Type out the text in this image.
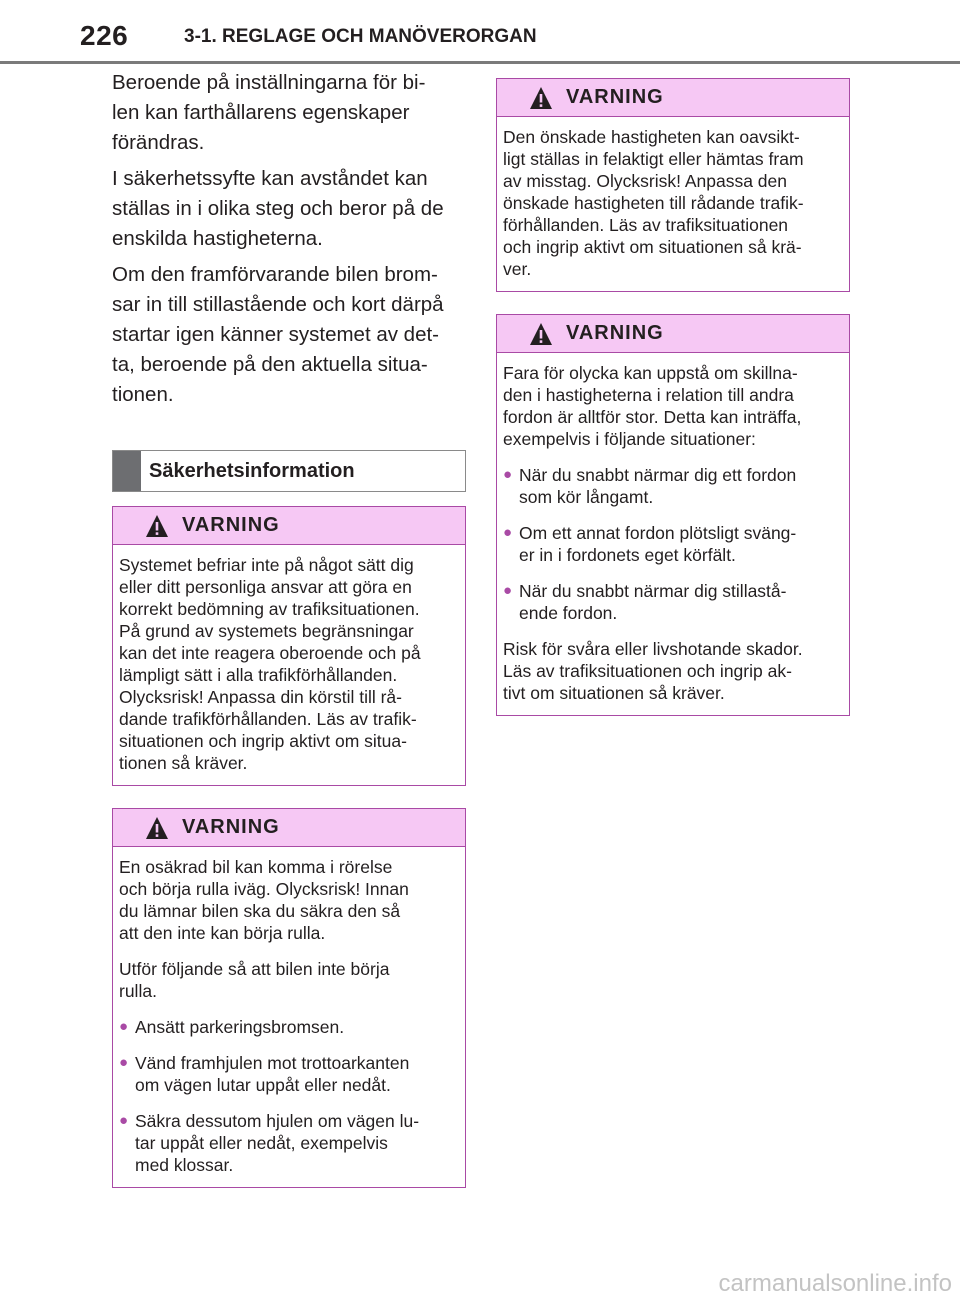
226	3-1. REGLAGE OCH MANÖVERORGAN

Beroende på inställningarna för bi-
len kan farthållarens egenskaper
förändras.

I säkerhetssyfte kan avståndet kan
ställas in i olika steg och beror på de
enskilda hastigheterna.

Om den framförvarande bilen brom-
sar in till stillastående och kort därpå
startar igen känner systemet av det-
ta, beroende på den aktuella situa-
tionen.

Säkerhetsinformation
VARNING

Systemet befriar inte på något sätt dig
eller ditt personliga ansvar att göra en
korrekt bedömning av trafiksituationen.
På grund av systemets begränsningar
kan det inte reagera oberoende och på
lämpligt sätt i alla trafikförhållanden.
Olycksrisk! Anpassa din körstil till rå-
dande trafikförhållanden. Läs av trafik-
situationen och ingrip aktivt om situa-
tionen så kräver.

VARNING

En osäkrad bil kan komma i rörelse
och börja rulla iväg. Olycksrisk! Innan
du lämnar bilen ska du säkra den så
att den inte kan börja rulla.

Utför följande så att bilen inte börja
rulla.

● Ansätt parkeringsbromsen.
● Vänd framhjulen mot trottoarkanten
om vägen lutar uppåt eller nedåt.
● Säkra dessutom hjulen om vägen lu-
tar uppåt eller nedåt, exempelvis
med klossar.
VARNING

Den önskade hastigheten kan oavsikt-
ligt ställas in felaktigt eller hämtas fram
av misstag. Olycksrisk! Anpassa den
önskade hastigheten till rådande trafik-
förhållanden. Läs av trafiksituationen
och ingrip aktivt om situationen så krä-
ver.

VARNING

Fara för olycka kan uppstå om skillna-
den i hastigheterna i relation till andra
fordon är alltför stor. Detta kan inträffa,
exempelvis i följande situationer:

● När du snabbt närmar dig ett fordon
som kör långamt.
● Om ett annat fordon plötsligt sväng-
er in i fordonets eget körfält.
● När du snabbt närmar dig stillastå-
ende fordon.

Risk för svåra eller livshotande skador.
Läs av trafiksituationen och ingrip ak-
tivt om situationen så kräver.

carmanualsonline.info
